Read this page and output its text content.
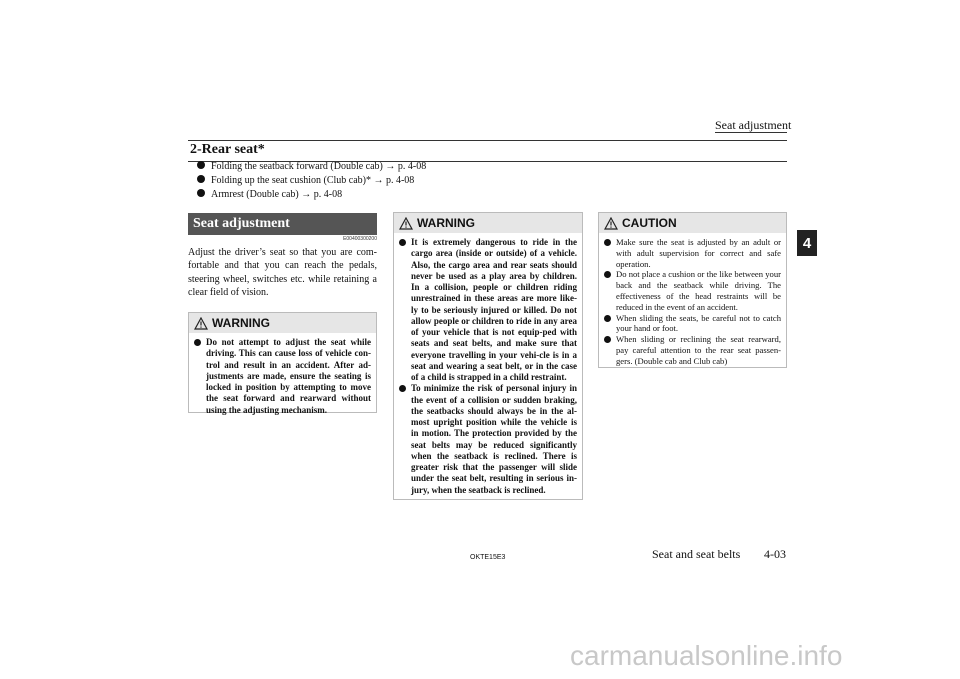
Seat adjustment
4
2-Rear seat*
Folding the seatback forward (Double cab) → p. 4-08
Folding up the seat cushion (Club cab)* → p. 4-08
Armrest (Double cab) → p. 4-08
Seat adjustment
E00400300200
Adjust the driver’s seat so that you are com-fortable and that you can reach the pedals, steering wheel, switches etc. while retaining a clear field of vision.
WARNING
Do not attempt to adjust the seat while driving. This can cause loss of vehicle con-trol and result in an accident. After ad-justments are made, ensure the seating is locked in position by attempting to move the seat forward and rearward without using the adjusting mechanism.
WARNING
It is extremely dangerous to ride in the cargo area (inside or outside) of a vehicle. Also, the cargo area and rear seats should never be used as a play area by children. In a collision, people or children riding unrestrained in these areas are more like-ly to be seriously injured or killed. Do not allow people or children to ride in any area of your vehicle that is not equip-ped with seats and seat belts, and make sure that everyone travelling in your vehi-cle is in a seat and wearing a seat belt, or in the case of a child is strapped in a child restraint.
To minimize the risk of personal injury in the event of a collision or sudden braking, the seatbacks should always be in the al-most upright position while the vehicle is in motion. The protection provided by the seat belts may be reduced significantly when the seatback is reclined. There is greater risk that the passenger will slide under the seat belt, resulting in serious in-jury, when the seatback is reclined.
CAUTION
Make sure the seat is adjusted by an adult or with adult supervision for correct and safe operation.
Do not place a cushion or the like between your back and the seatback while driving. The effectiveness of the head restraints will be reduced in the event of an accident.
When sliding the seats, be careful not to catch your hand or foot.
When sliding or reclining the seat rearward, pay careful attention to the rear seat passen-gers. (Double cab and Club cab)
OKTE15E3	Seat and seat belts 4-03
carmanualsonline.info
